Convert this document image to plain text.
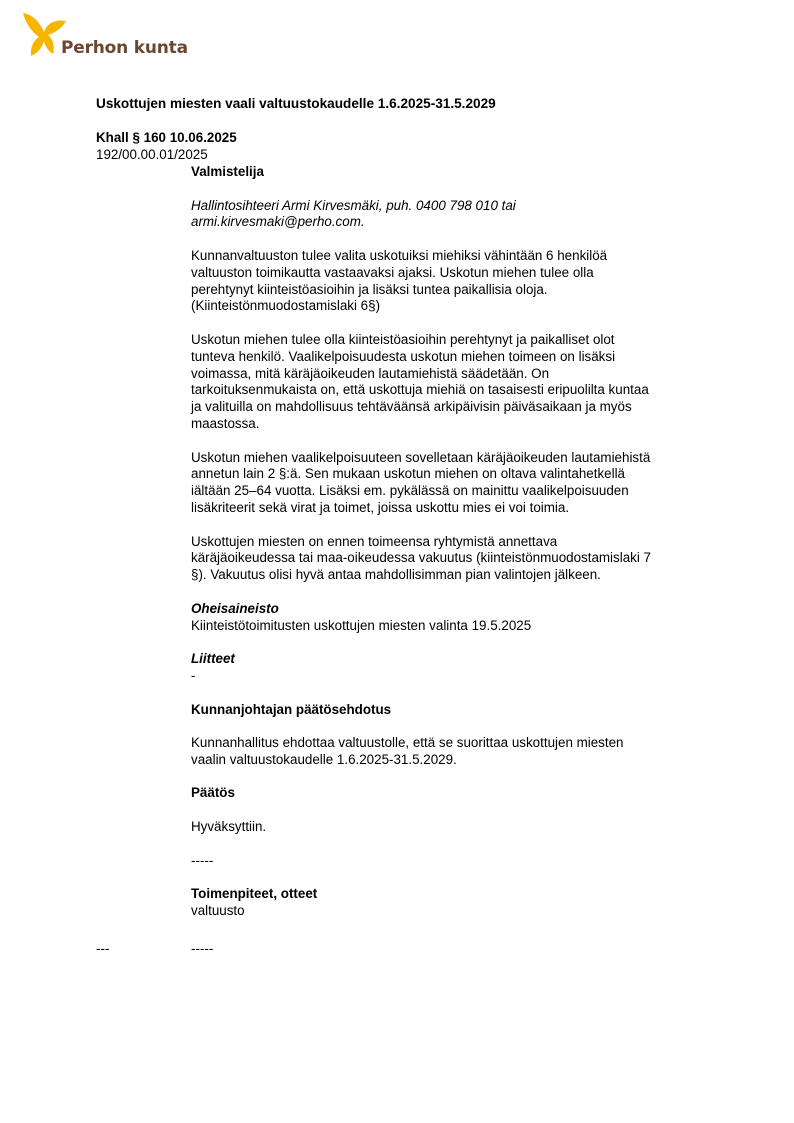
Perhon kunta
Uskottujen miesten vaali valtuustokaudelle 1.6.2025-31.5.2029
Khall § 160 10.06.2025
192/00.00.01/2025

Valmistelija

Hallintosihteeri Armi Kirvesmäki, puh. 0400 798 010 tai

armi.kirvesmaki@perho.com.

Kunnanvaltuuston tulee valita uskotuiksi miehiksi vähintään 6 henkilöä

valtuuston toimikautta vastaavaksi ajaksi. Uskotun miehen tulee olla

perehtynyt kiinteistöasioihin ja lisäksi tuntea paikallisia oloja.

(Kiinteistönmuodostamislaki 6§)

Uskotun miehen tulee olla kiinteistöasioihin perehtynyt ja paikalliset olot

tunteva henkilö. Vaalikelpoisuudesta uskotun miehen toimeen on lisäksi

voimassa, mitä käräjäoikeuden lautamiehistä säädetään. On

tarkoituksenmukaista on, että uskottuja miehiä on tasaisesti eripuolilta kuntaa

ja valituilla on mahdollisuus tehtäväänsä arkipäivisin päiväsaikaan ja myös

maastossa.

Uskotun miehen vaalikelpoisuuteen sovelletaan käräjäoikeuden lautamiehistä

annetun lain 2 §:ä. Sen mukaan uskotun miehen on oltava valintahetkellä

iältään 25–64 vuotta. Lisäksi em. pykälässä on mainittu vaalikelpoisuuden

lisäkriteerit sekä virat ja toimet, joissa uskottu mies ei voi toimia.

Uskottujen miesten on ennen toimeensa ryhtymistä annettava

käräjäoikeudessa tai maa-oikeudessa vakuutus (kiinteistönmuodostamislaki 7

§). Vakuutus olisi hyvä antaa mahdollisimman pian valintojen jälkeen.

Oheisaineisto

Kiinteistötoimitusten uskottujen miesten valinta 19.5.2025

Liitteet

-

Kunnanjohtajan päätösehdotus

Kunnanhallitus ehdottaa valtuustolle, että se suorittaa uskottujen miesten

vaalin valtuustokaudelle 1.6.2025-31.5.2029.

Päätös

Hyväksyttiin.

-----

Toimenpiteet, otteet

valtuusto

---	-----
